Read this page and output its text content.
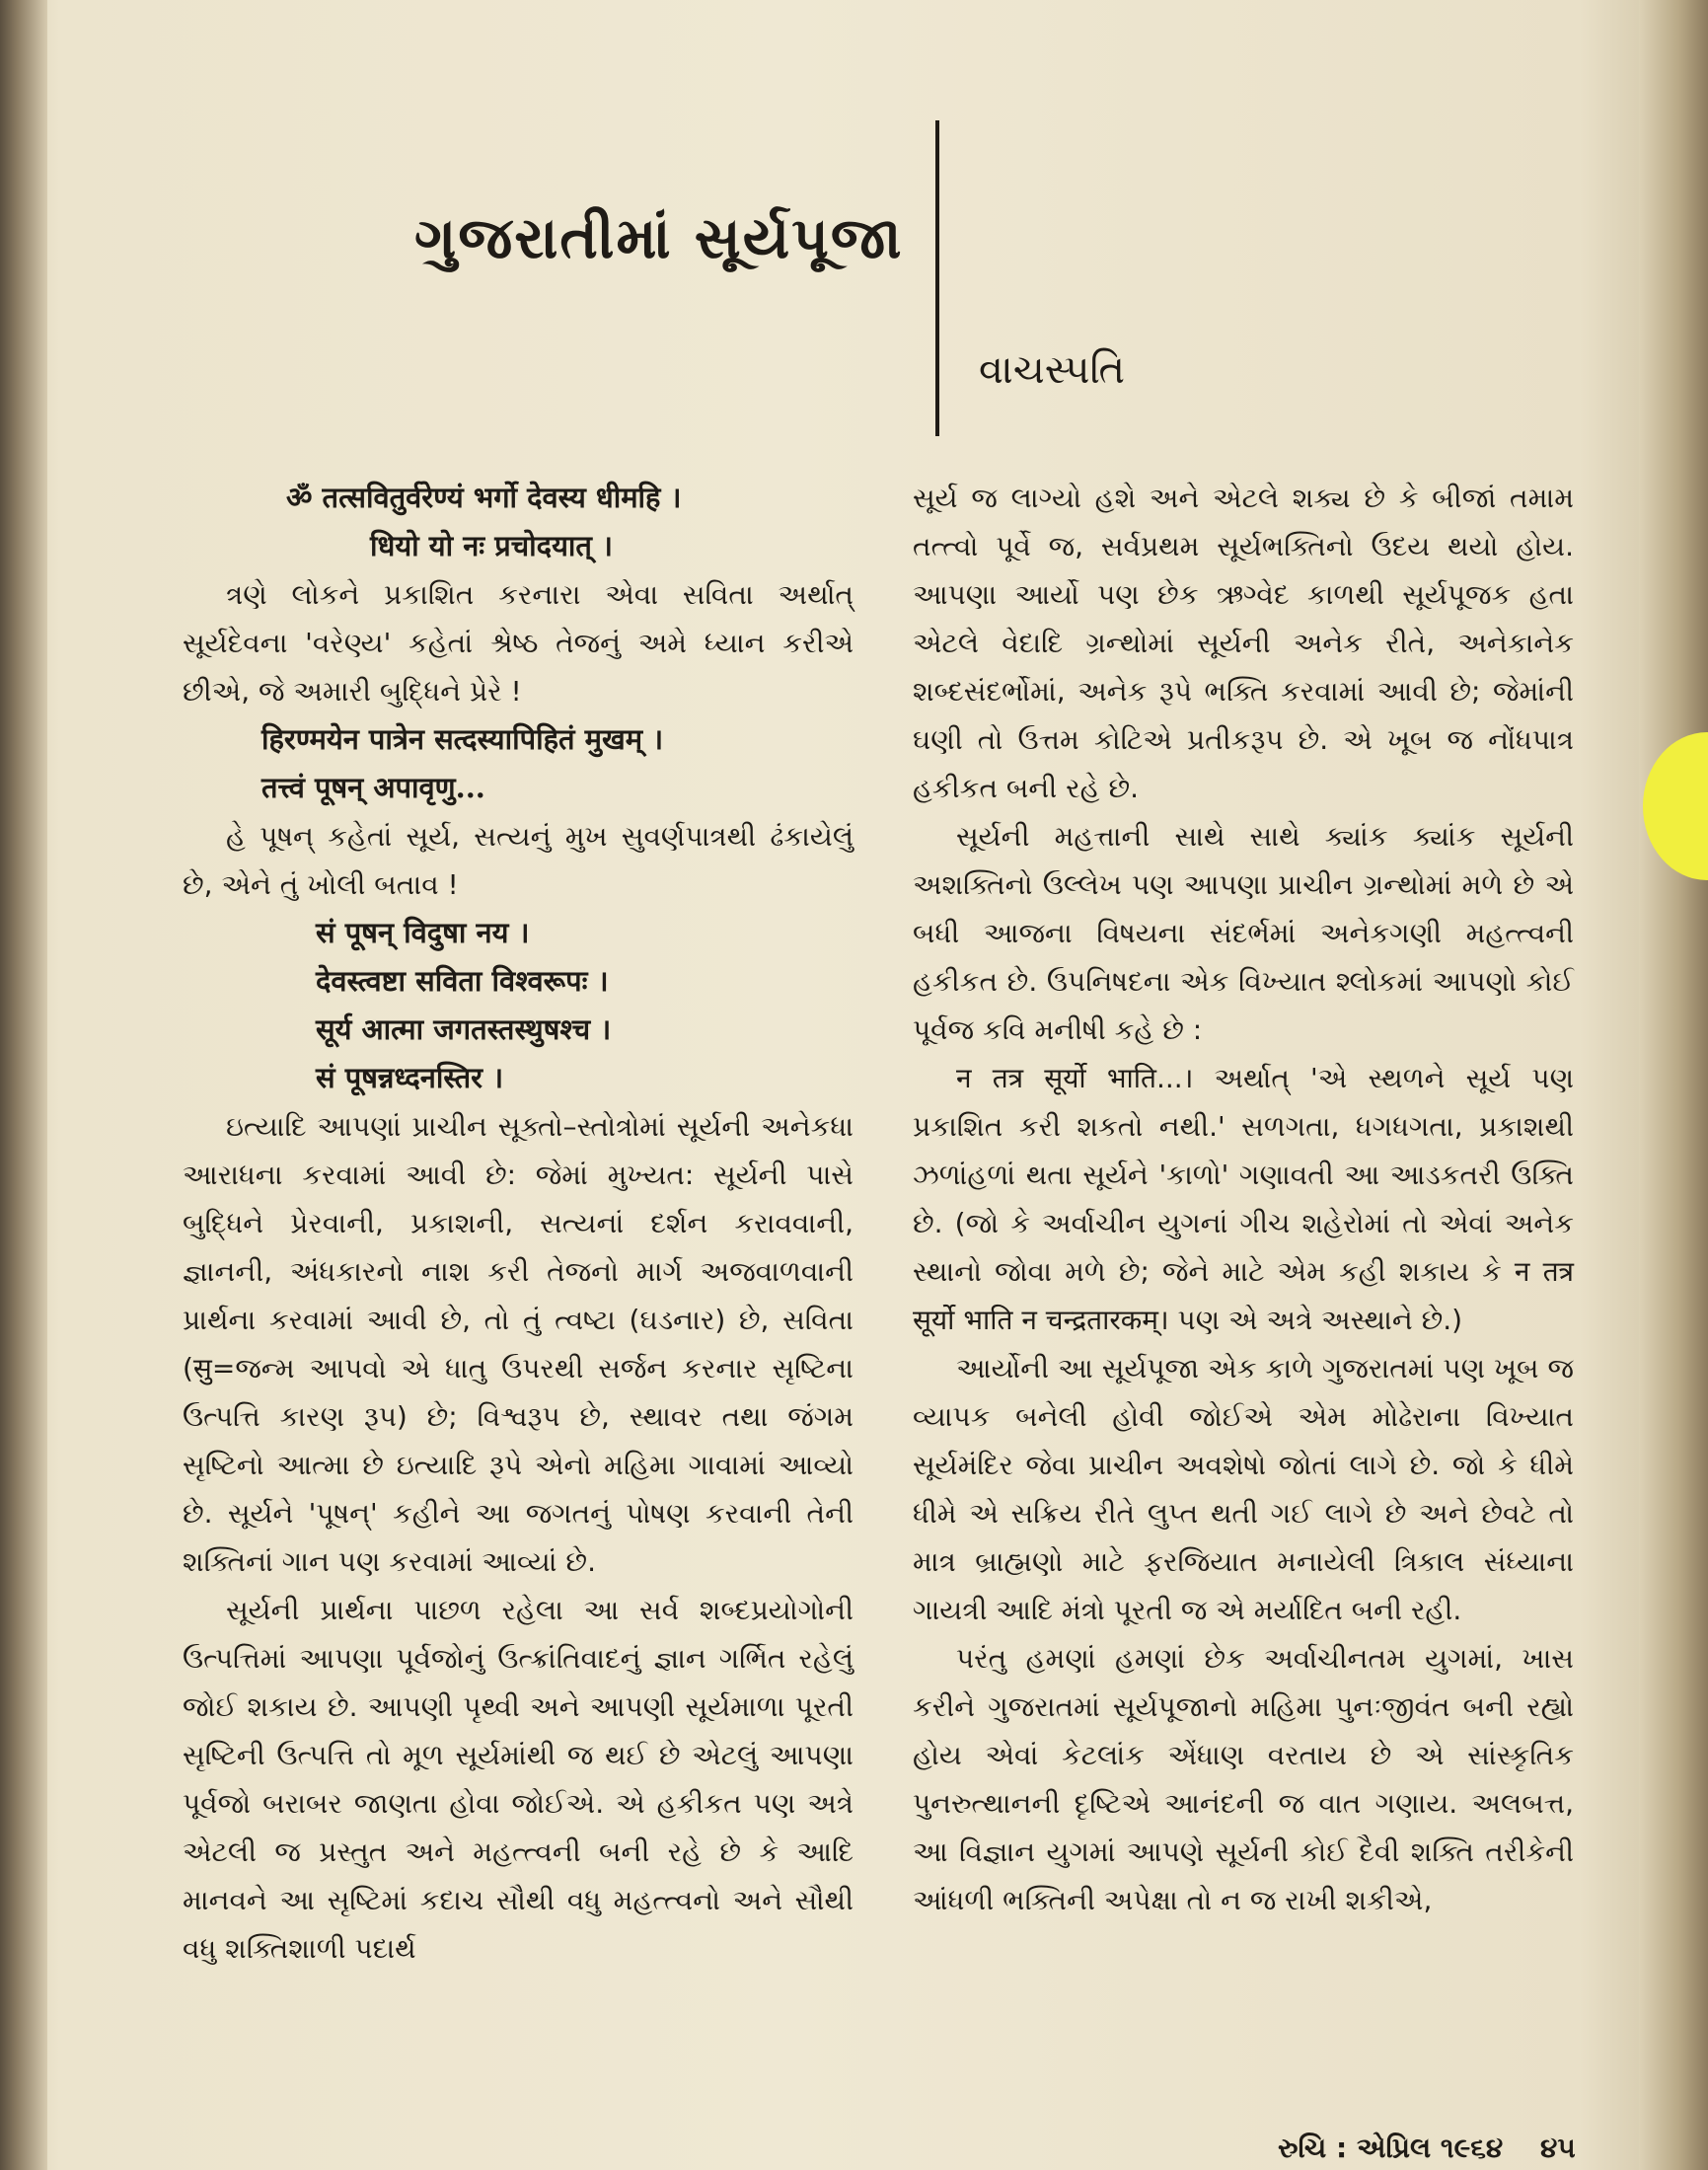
ગુજરાતીમાં સૂર્યપૂજા
વાચસ્પતિ

ॐ तत्सवितुर्वरेण्यं भर्गो देवस्य धीमहि ।

धियो यो नः प्रचोदयात् ।

ત્રણે લોકને પ્રકાશિત કરનારા એવા સવિતા અર્થાત્ સૂર્યદેવના 'વરેણ્ય' કહેતાં શ્રેષ્ઠ તેજનું અમે ધ્યાન કરીએ છીએ, જે અમારી બુદ્ધિને પ્રેરે !

हिरण्मयेन पात्रेन सत्दस्यापिहितं मुखम् ।

तत्त्वं पूषन् अपावृणु...

હે પૂષન્ કહેતાં સૂર્ય, સત્યનું મુખ સુવર્ણપાત્રથી ઢંકાયેલું છે, એને તું ખોલી બતાવ !

सं पूषन् विदुषा नय ।

देवस्त्वष्टा सविता विश्वरूपः ।

सूर्य आत्मा जगतस्तस्थुषश्च ।

सं पूषन्नध्दनस्तिर ।

ઇત્યાદિ આપણાં પ્રાચીન સૂક્તો–સ્તોત્રોમાં સૂર્યની અનેકધા આરાધના કરવામાં આવી છે: જેમાં મુખ્યત: સૂર્યની પાસે બુદ્ધિને પ્રેરવાની, પ્રકાશની, સત્યનાં દર્શન કરાવવાની, જ્ઞાનની, અંધકારનો નાશ કરી તેજનો માર્ગ અજવાળવાની પ્રાર્થના કરવામાં આવી છે, તો તું ત્વષ્ટા (ઘડનાર) છે, સવિતા (सु=જન્મ આપવો એ ધાતુ ઉપરથી સર્જન કરનાર સૃષ્ટિના ઉત્પત્તિ કારણ રૂપ) છે; વિશ્વરૂપ છે, સ્થાવર તથા જંગમ સૃષ્ટિનો આત્મા છે ઇત્યાદિ રૂપે એનો મહિમા ગાવામાં આવ્યો છે. સૂર્યને 'પૂષન્' કહીને આ જગતનું પોષણ કરવાની તેની શક્તિનાં ગાન પણ કરવામાં આવ્યાં છે.

સૂર્યની પ્રાર્થના પાછળ રહેલા આ સર્વ શબ્દપ્રયોગોની ઉત્પત્તિમાં આપણા પૂર્વજોનું ઉત્ક્રાંતિવાદનું જ્ઞાન ગર્ભિત રહેલું જોઈ શકાય છે. આપણી પૃથ્વી અને આપણી સૂર્યમાળા પૂરતી સૃષ્ટિની ઉત્પત્તિ તો મૂળ સૂર્યમાંથી જ થઈ છે એટલું આપણા પૂર્વજો બરાબર જાણતા હોવા જોઈએ. એ હકીકત પણ અત્રે એટલી જ પ્રસ્તુત અને મહત્ત્વની બની રહે છે કે આદિ માનવને આ સૃષ્ટિમાં કદાચ સૌથી વધુ મહત્ત્વનો અને સૌથી વધુ શક્તિશાળી પદાર્થ

સૂર્ય જ લાગ્યો હશે અને એટલે શક્ય છે કે બીજાં તમામ તત્ત્વો પૂર્વે જ, સર્વપ્રથમ સૂર્યભક્તિનો ઉદય થયો હોય. આપણા આર્યો પણ છેક ઋગ્વેદ કાળથી સૂર્યપૂજક હતા એટલે વેદાદિ ગ્રન્થોમાં સૂર્યની અનેક રીતે, અનેકાનેક શબ્દસંદર્ભોમાં, અનેક રૂપે ભક્તિ કરવામાં આવી છે; જેમાંની ઘણી તો ઉત્તમ કોટિએ પ્રતીકરૂપ છે. એ ખૂબ જ નોંધપાત્ર હકીકત બની રહે છે.

સૂર્યની મહત્તાની સાથે સાથે ક્યાંક ક્યાંક સૂર્યની અશક્તિનો ઉલ્લેખ પણ આપણા પ્રાચીન ગ્રન્થોમાં મળે છે એ બધી આજના વિષયના સંદર્ભમાં અનેકગણી મહત્ત્વની હકીકત છે. ઉપનિષદના એક વિખ્યાત શ્લોકમાં આપણો કોઈ પૂર્વજ કવિ મનીષી કહે છે :

न तत्र सूर्यो भाति...। અર્થાત્ 'એ સ્થળને સૂર્ય પણ પ્રકાશિત કરી શકતો નથી.' સળગતા, ધગધગતા, પ્રકાશથી ઝળાંહળાં થતા સૂર્યને 'કાળો' ગણાવતી આ આડકતરી ઉક્તિ છે. (જો કે અર્વાચીન યુગનાં ગીચ શહેરોમાં તો એવાં અનેક સ્થાનો જોવા મળે છે; જેને માટે એમ કહી શકાય કે न तत्र सूर्यो भाति न चन्द्रतारकम्। પણ એ અત્રે અસ્થાને છે.)

આર્યોની આ સૂર્યપૂજા એક કાળે ગુજરાતમાં પણ ખૂબ જ વ્યાપક બનેલી હોવી જોઈએ એમ મોઢેરાના વિખ્યાત સૂર્યમંદિર જેવા પ્રાચીન અવશેષો જોતાં લાગે છે. જો કે ધીમે ધીમે એ સક્રિય રીતે લુપ્ત થતી ગઈ લાગે છે અને છેવટે તો માત્ર બ્રાહ્મણો માટે ફરજિયાત મનાયેલી ત્રિકાલ સંધ્યાના ગાયત્રી આદિ મંત્રો પૂરતી જ એ મર્યાદિત બની રહી.

પરંતુ હમણાં હમણાં છેક અર્વાચીનતમ યુગમાં, ખાસ કરીને ગુજરાતમાં સૂર્યપૂજાનો મહિમા પુનઃજીવંત બની રહ્યો હોય એવાં કેટલાંક એંધાણ વરતાય છે એ સાંસ્કૃતિક પુનરુત્થાનની દૃષ્ટિએ આનંદની જ વાત ગણાય. અલબત્ત, આ વિજ્ઞાન યુગમાં આપણે સૂર્યની કોઈ દૈવી શક્તિ તરીકેની આંધળી ભક્તિની અપેક્ષા તો ન જ રાખી શકીએ,

રુચિ : એપ્રિલ ૧૯૬૪ ૪૫
